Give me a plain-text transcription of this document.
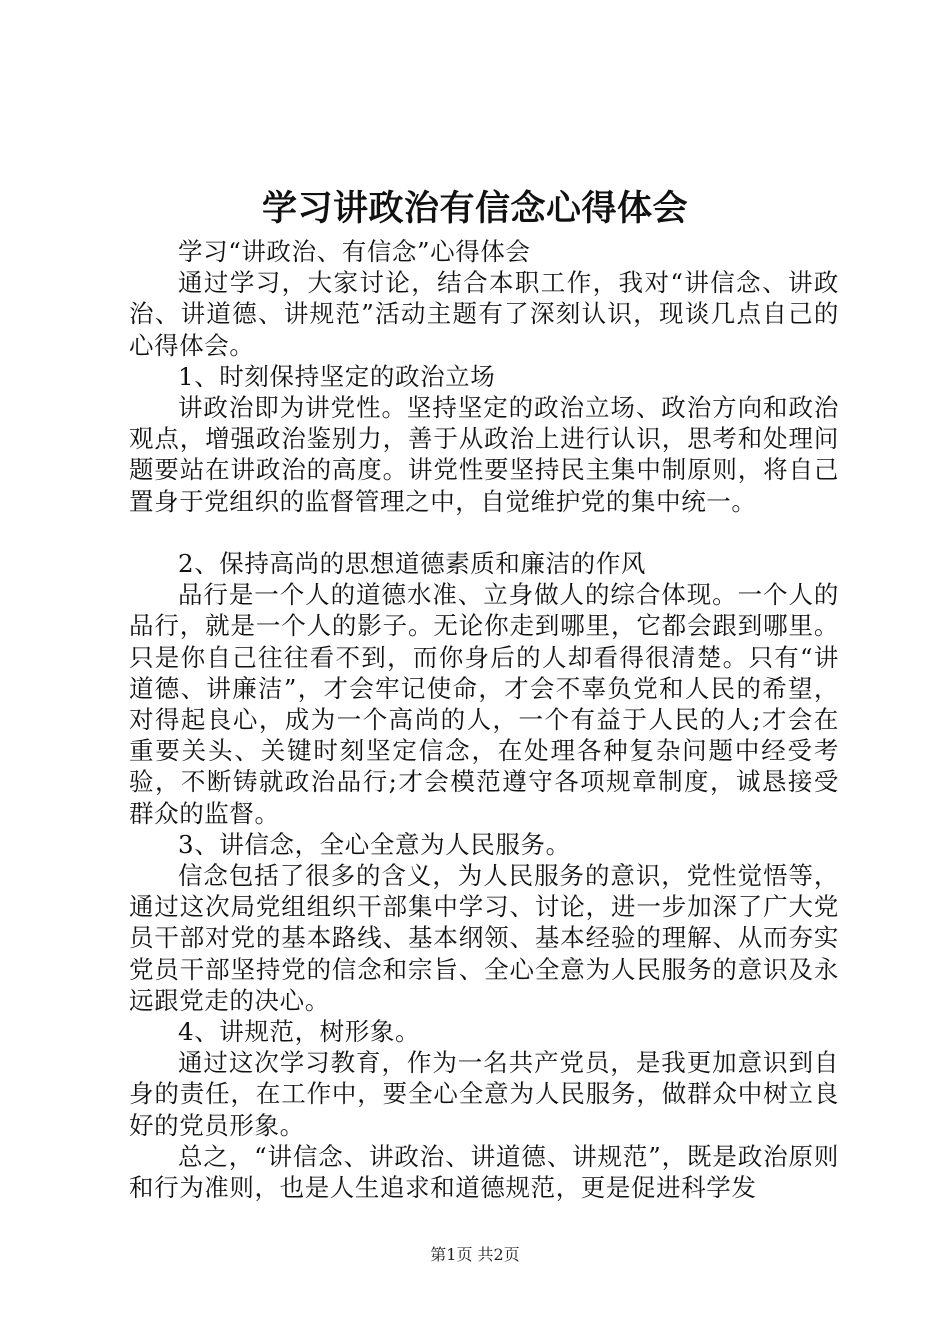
学习讲政治有信念心得体会

学习“讲政治、有信念”心得体会

通过学习，大家讨论，结合本职工作，我对“讲信念、讲政治、讲道德、讲规范”活动主题有了深刻认识，现谈几点自己的心得体会。

1、时刻保持坚定的政治立场

讲政治即为讲党性。坚持坚定的政治立场、政治方向和政治观点，增强政治鉴别力，善于从政治上进行认识，思考和处理问题要站在讲政治的高度。讲党性要坚持民主集中制原则，将自己置身于党组织的监督管理之中，自觉维护党的集中统一。

2、保持高尚的思想道德素质和廉洁的作风

品行是一个人的道德水准、立身做人的综合体现。一个人的品行，就是一个人的影子。无论你走到哪里，它都会跟到哪里。只是你自己往往看不到，而你身后的人却看得很清楚。只有“讲道德、讲廉洁”，才会牢记使命，才会不辜负党和人民的希望，对得起良心，成为一个高尚的人，一个有益于人民的人;才会在重要关头、关键时刻坚定信念，在处理各种复杂问题中经受考验，不断铸就政治品行;才会模范遵守各项规章制度，诚恳接受群众的监督。

3、讲信念，全心全意为人民服务。

信念包括了很多的含义，为人民服务的意识，党性觉悟等，通过这次局党组组织干部集中学习、讨论，进一步加深了广大党员干部对党的基本路线、基本纲领、基本经验的理解、从而夯实党员干部坚持党的信念和宗旨、全心全意为人民服务的意识及永远跟党走的决心。

4、讲规范，树形象。

通过这次学习教育，作为一名共产党员，是我更加意识到自身的责任，在工作中，要全心全意为人民服务，做群众中树立良好的党员形象。

总之，“讲信念、讲政治、讲道德、讲规范”，既是政治原则和行为准则，也是人生追求和道德规范，更是促进科学发

第1页 共2页
